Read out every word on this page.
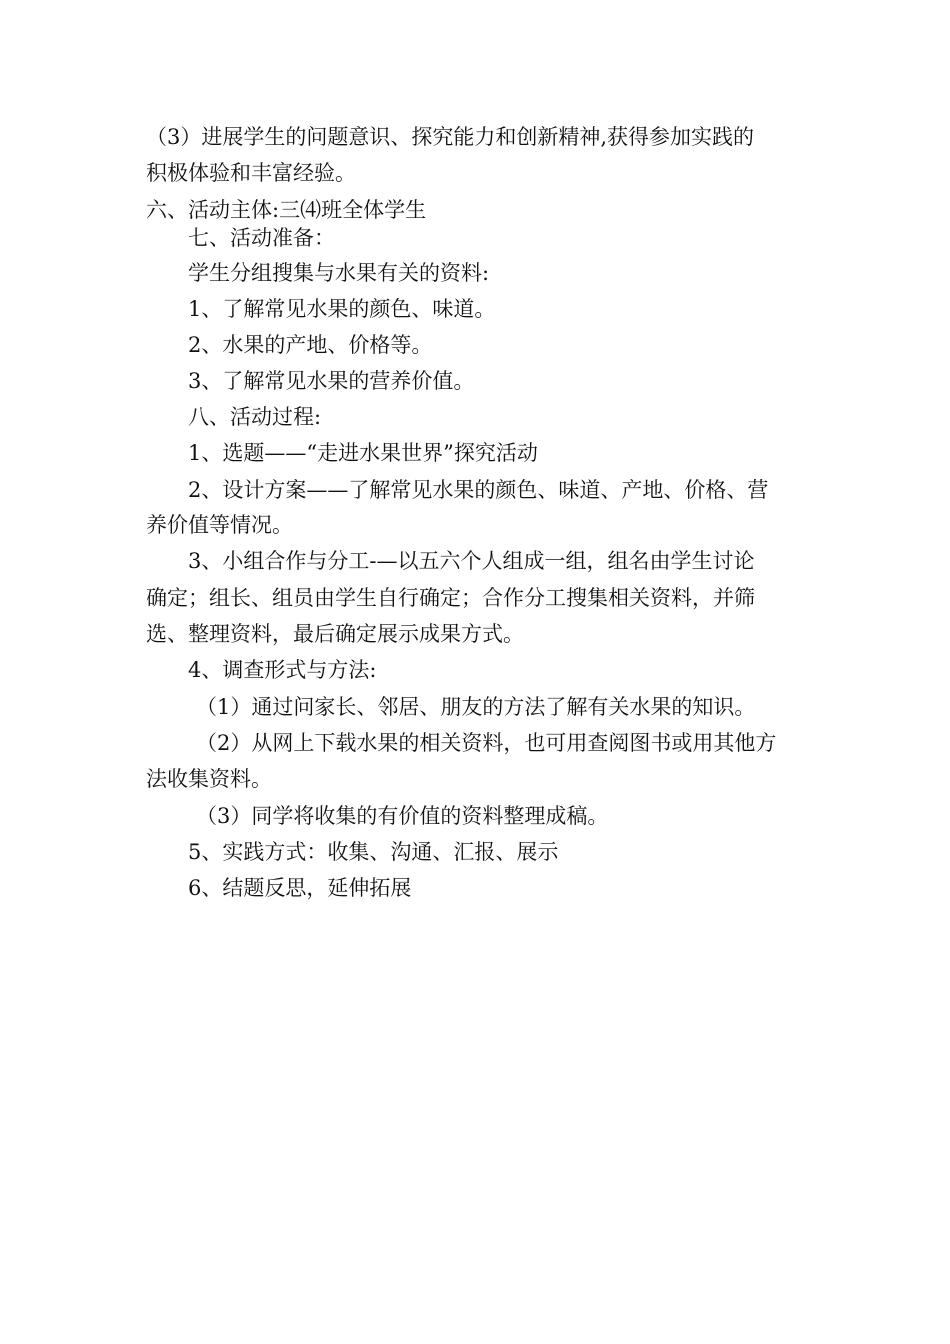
（3）进展学生的问题意识、探究能力和创新精神,获得参加实践的
积极体验和丰富经验。
六、活动主体:三⑷班全体学生
七、活动准备：
学生分组搜集与水果有关的资料:
1、了解常见水果的颜色、味道。
2、水果的产地、价格等。
3、了解常见水果的营养价值。
八、活动过程:
1、选题——“走进水果世界”探究活动
2、设计方案——了解常见水果的颜色、味道、产地、价格、营
养价值等情况。
3、小组合作与分工-—以五六个人组成一组，组名由学生讨论
确定；组长、组员由学生自行确定；合作分工搜集相关资料，并筛
选、整理资料，最后确定展示成果方式。
4、调查形式与方法:
（1）通过问家长、邻居、朋友的方法了解有关水果的知识。
（2）从网上下载水果的相关资料，也可用查阅图书或用其他方
法收集资料。
（3）同学将收集的有价值的资料整理成稿。
5、实践方式：收集、沟通、汇报、展示
6、结题反思，延伸拓展
